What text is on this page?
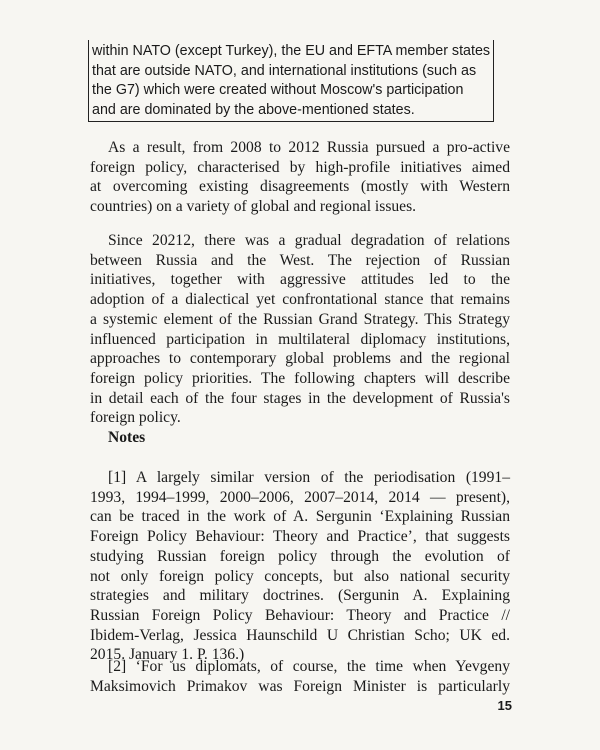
within NATO (except Turkey), the EU and EFTA member states
that are outside NATO, and international institutions (such as
the G7) which were created without Moscow's participation
and are dominated by the above-mentioned states.
As a result, from 2008 to 2012 Russia pursued a pro-active
foreign policy, characterised by high-profile initiatives aimed
at overcoming existing disagreements (mostly with Western
countries) on a variety of global and regional issues.
Since 20212, there was a gradual degradation of relations
between Russia and the West. The rejection of Russian
initiatives, together with aggressive attitudes led to the
adoption of a dialectical yet confrontational stance that remains
a systemic element of the Russian Grand Strategy. This Strategy
influenced participation in multilateral diplomacy institutions,
approaches to contemporary global problems and the regional
foreign policy priorities. The following chapters will describe
in detail each of the four stages in the development of Russia's
foreign policy.
Notes
[1] A largely similar version of the periodisation (1991–
1993, 1994–1999, 2000–2006, 2007–2014, 2014 — present),
can be traced in the work of A. Sergunin ‘Explaining Russian
Foreign Policy Behaviour: Theory and Practice’, that suggests
studying Russian foreign policy through the evolution of
not only foreign policy concepts, but also national security
strategies and military doctrines. (Sergunin A. Explaining
Russian Foreign Policy Behaviour: Theory and Practice //
Ibidem-Verlag, Jessica Haunschild U Christian Scho; UK ed.
2015. January 1. P. 136.)
[2] ‘For us diplomats, of course, the time when Yevgeny
Maksimovich Primakov was Foreign Minister is particularly
15
